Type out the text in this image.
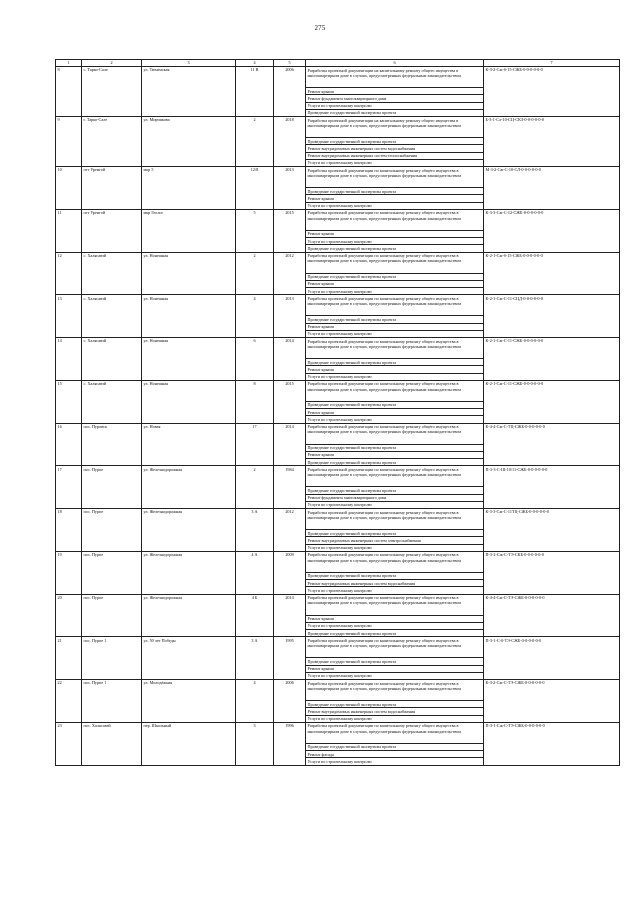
275
1	2	3	4	5	6	7
8	с. Тарко-Сале	ул. Тюменская	11 В	2006	Разработка проектной документации на капитальному ремонту общего имущества в многоквартирном доме в случаях, предусмотренных федеральным законодательством	К-3-2-Сж-б-15-СЖБ-0-0-0-0-0-0
					Ремонт крыши	
					Ремонт фундамента многоквартирного дома	
					Услуги по строительному контролю	
					Проведение государственной экспертизы проекта	
9	г. Тарко-Сале	ул. Мирчикова	2	2018	Разработка проектной документации на капитальному ремонту общего имущества в многоквартирном доме в случаях, предусмотренных федеральным законодательством	Б-3-1-Сл-10-СЦ-СКЗ-0-0-0-0-0-0
					Проведение государственной экспертизы проекта	
					Ремонт внутридомовых инженерных систем водоснабжения	
					Ремонт внутридомовых инженерных систем теплоснабжения	
					Услуги по строительному контролю	
10	пгт Уренгой	мкр 5	12/8	2013	Разработка проектной документации по капитальному ремонту общего имущества в многоквартирном доме в случаях, предусмотренных федеральным законодательством	М-3-2-Сж-С-10-СЛ-0-0-0-0-0-0
					Проведение государственной экспертизы проекта	
					Ремонт крыши	
					Услуги по строительному контролю	
11	пгт Уренгой	мкр Геолог	5	2015	Разработка проектной документации по капитальному ремонту общего имущества в многоквартирном доме в случаях, предусмотренных федеральным законодательством	К-3-3-Сж-С-12-СЖБ-0-0-0-0-0-0
					Ремонт крыши	
					Услуги по строительному контролю	
					Проведение государственной экспертизы проекта	
12	с. Халясавэй	ул. Нонешная	2	2012	Разработка проектной документации по капитальному ремонту общего имущества в многоквартирном доме в случаях, предусмотренных федеральным законодательством	К-2-1-Сж-б-15-СЖБ-0-0-0-0-0-0
					Проведение государственной экспертизы проекта	
					Ремонт крыши	
					Услуги по строительному контролю	
13	с. Халясавэй	ул. Нонешная	4	2013	Разработка проектной документации по капитальному ремонту общего имущества в многоквартирном доме в случаях, предусмотренных федеральным законодательством	К-2-1-Сж-С-11-СЦД-0-0-0-0-0-0
					Проведение государственной экспертизы проекта	
					Ремонт крыши	
					Услуги по строительному контролю	
14	с. Халясавэй	ул. Нонешная	6	2014	Разработка проектной документации по капитальному ремонту общего имущества в многоквартирном доме в случаях, предусмотренных федеральным законодательством	К-2-1-Сж-С-11-СЖБ-0-0-0-0-0-0
					Проведение государственной экспертизы проекта	
					Ремонт крыши	
					Услуги по строительному контролю	
15	с. Халясавэй	ул. Нонешная	8	2015	Разработка проектной документации по капитальному ремонту общего имущества в многоквартирном доме в случаях, предусмотренных федеральным законодательством	К-2-1-Сж-С-11-СЖБ-0-0-0-0-0-0
					Проведение государственной экспертизы проекта	
					Ремонт крыши	
					Услуги по строительному контролю	
16	пос. Пуровск	ул. Новая	17	2014	Разработка проектной документации по капитальному ремонту общего имущества в многоквартирном доме в случаях, предусмотренных федеральным законодательством	К-4-4-Сж-С-ТЦ-СЖБ-0-0-0-0-0-0
					Проведение государственной экспертизы проекта	
					Ремонт крыши	
					Проведение государственной экспертизы проекта	
17	пос. Пурпе	ул. Железнодорожная	2	1984	Разработка проектной документации по капитальному ремонту общего имущества в многоквартирном доме в случаях, предусмотренных федеральным законодательством	П-3-3-С-Ш-10/11-СЖБ-0-0-0-0-0-0
					Проведение государственной экспертизы проекта	
					Ремонт фундамента многоквартирного дома	
					Услуги по строительному контролю	
18	пос. Пурпе	ул. Железнодорожная	3 А	2012	Разработка проектной документации по капитальному ремонту общего имущества в многоквартирном доме в случаях, предусмотренных федеральным законодательством	К-3-3-Сж-С-11ТЦ-СЖБ-0-0-0-0-0-0
					Проведение государственной экспертизы проекта	
					Ремонт внутридомовых инженерных систем электроснабжения	
					Услуги по строительному контролю	
19	пос. Пурпе	ул. Железнодорожная	4 А	2009	Разработка проектной документации по капитальному ремонту общего имущества в многоквартирном доме в случаях, предусмотренных федеральным законодательством	П-3-2-Сж-С-ТЭ-СКБ-0-0-0-0-0-0
					Проведение государственной экспертизы проекта	
					Ремонт внутридомовых инженерных систем водоснабжения	
					Услуги по строительному контролю	
20	пос. Пурпе	ул. Железнодорожная	4 Б	2014	Разработка проектной документации по капитальному ремонту общего имущества в многоквартирном доме в случаях, предусмотренных федеральным законодательством	К-4-4-Сж-С-ТЭ-СЖБ-0-0-0-0-0-0
					Ремонт крыши	
					Услуги по строительному контролю	
					Проведение государственной экспертизы проекта	
21	пос. Пурпе 1	ул. 50 лет Победы	3 А	1995	Разработка проектной документации по капитальному ремонту общего имущества в многоквартирном доме в случаях, предусмотренных федеральным законодательством	П-3-1-С-0-ТЭ-СЖБ-0-0-0-0-0-0
					Проведение государственной экспертизы проекта	
					Ремонт крыши	
					Услуги по строительному контролю	
22	пос. Пурпе 1	ул. Молодёжная	4	2006	Разработка проектной документации по капитальному ремонту общего имущества в многоквартирном доме в случаях, предусмотренных федеральным законодательством	К-3-2-Сж-С-ТЭ-СЖБ-0-0-0-0-0-0
					Проведение государственной экспертизы проекта	
					Ремонт внутридомовых инженерных систем водоснабжения	
					Услуги по строительному контролю	
23	пос. Халясавэй	пер. Школьный	3	1996	Разработка проектной документации по капитальному ремонту общего имущества в многоквартирном доме в случаях, предусмотренных федеральным законодательством	П-3-1-Сж-С-ТЭ-СЖБ-0-0-0-0-0-0
					Проведение государственной экспертизы проекта	
					Ремонт фасада	
					Услуги по строительному контролю	
